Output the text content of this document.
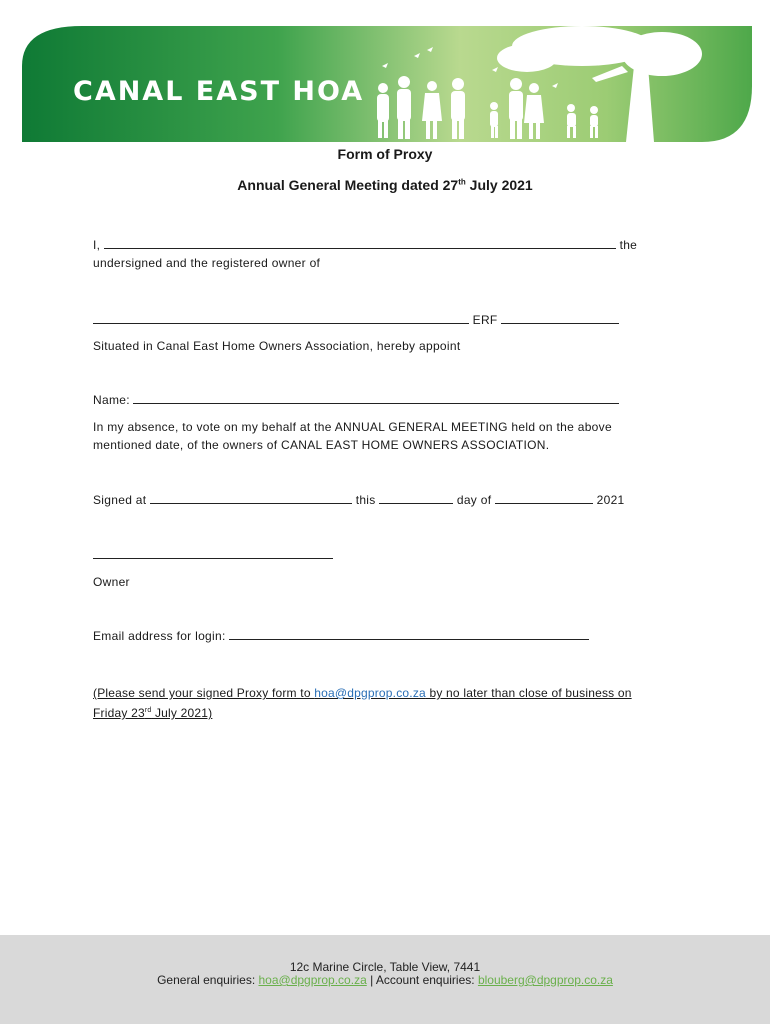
CANAL EAST HOA
Form of Proxy
Annual General Meeting dated 27th July 2021
I,	the
undersigned and the registered owner of
ERF
Situated in Canal East Home Owners Association, hereby appoint
Name:
In my absence, to vote on my behalf at the ANNUAL GENERAL MEETING held on the above
mentioned date, of the owners of CANAL EAST HOME OWNERS ASSOCIATION.
Signed at	this	day of	2021
Owner
Email address for login:
(Please send your signed Proxy form to hoa@dpgprop.co.za by no later than close of business on
Friday 23rd July 2021)
12c Marine Circle, Table View, 7441
General enquiries: hoa@dpgprop.co.za | Account enquiries: blouberg@dpgprop.co.za
